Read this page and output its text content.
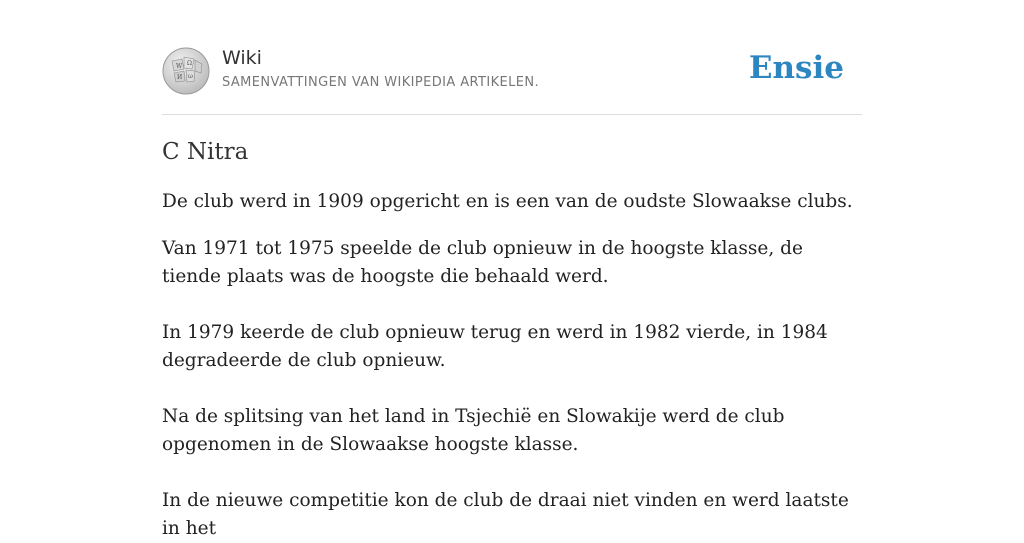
W Ω
И ω
Wiki
SAMENVATTINGEN VAN WIKIPEDIA ARTIKELEN.	Ensie
C Nitra

De club werd in 1909 opgericht en is een van de oudste Slowaakse clubs.

Van 1971 tot 1975 speelde de club opnieuw in de hoogste klasse, de tiende plaats was de hoogste die behaald werd.

In 1979 keerde de club opnieuw terug en werd in 1982 vierde, in 1984 degradeerde de club opnieuw.

Na de splitsing van het land in Tsjechië en Slowakije werd de club opgenomen in de Slowaakse hoogste klasse.

In de nieuwe competitie kon de club de draai niet vinden en werd laatste in het
